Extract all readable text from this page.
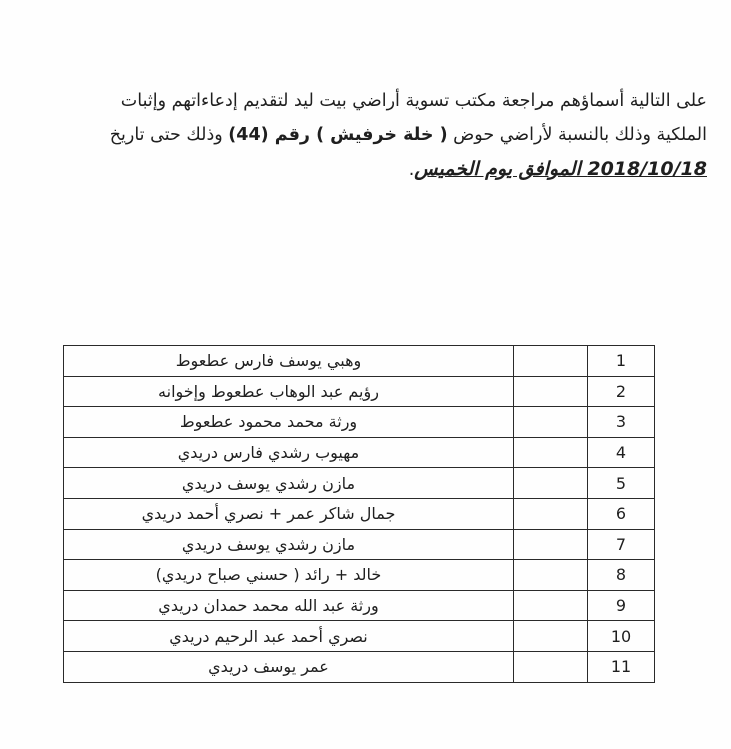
على التالية أسماؤهم مراجعة مكتب تسوية أراضي بيت ليد لتقديم إدعاءاتهم وإثبات
الملكية وذلك بالنسبة لأراضي حوض ( خلة خرفيش ) رقم (44) وذلك حتى تاريخ
2018/10/18 الموافق يوم الخميس.

1		وهبي يوسف فارس عطعوط
2		رؤيم عبد الوهاب عطعوط وإخوانه
3		ورثة محمد محمود عطعوط
4		مهيوب رشدي فارس دريدي
5		مازن رشدي يوسف دريدي
6		جمال شاكر عمر + نصري أحمد دريدي
7		مازن رشدي يوسف دريدي
8		خالد + رائد ( حسني صباح دريدي)
9		ورثة عبد الله محمد حمدان دريدي
10		نصري أحمد عبد الرحيم دريدي
11		عمر يوسف دريدي
